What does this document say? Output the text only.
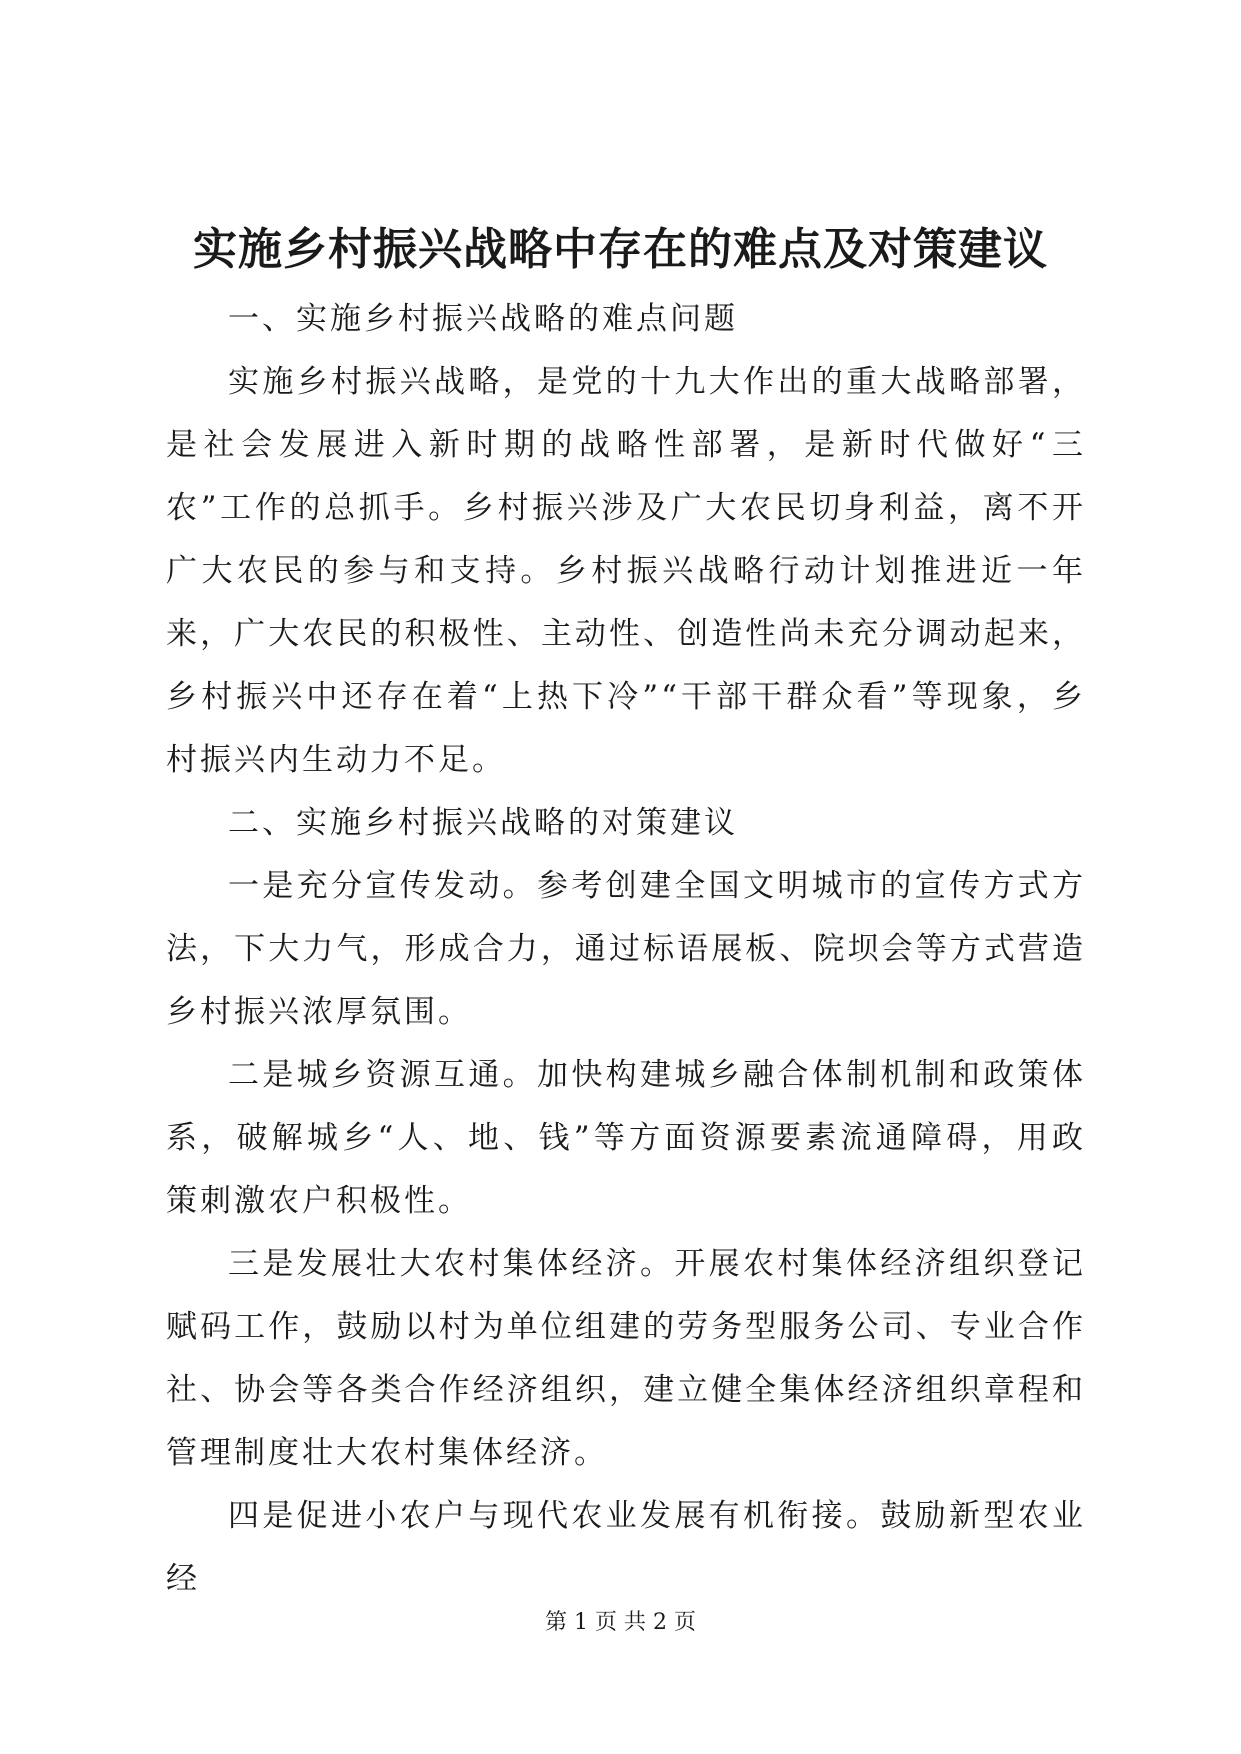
实施乡村振兴战略中存在的难点及对策建议

一、实施乡村振兴战略的难点问题

实施乡村振兴战略，是党的十九大作出的重大战略部署，是社会发展进入新时期的战略性部署，是新时代做好“三农”工作的总抓手。乡村振兴涉及广大农民切身利益，离不开广大农民的参与和支持。乡村振兴战略行动计划推进近一年来，广大农民的积极性、主动性、创造性尚未充分调动起来，乡村振兴中还存在着“上热下冷”“干部干群众看”等现象，乡村振兴内生动力不足。

二、实施乡村振兴战略的对策建议

一是充分宣传发动。参考创建全国文明城市的宣传方式方法，下大力气，形成合力，通过标语展板、院坝会等方式营造乡村振兴浓厚氛围。

二是城乡资源互通。加快构建城乡融合体制机制和政策体系，破解城乡“人、地、钱”等方面资源要素流通障碍，用政策刺激农户积极性。

三是发展壮大农村集体经济。开展农村集体经济组织登记赋码工作，鼓励以村为单位组建的劳务型服务公司、专业合作社、协会等各类合作经济组织，建立健全集体经济组织章程和管理制度壮大农村集体经济。

四是促进小农户与现代农业发展有机衔接。鼓励新型农业经

第 1 页 共 2 页
